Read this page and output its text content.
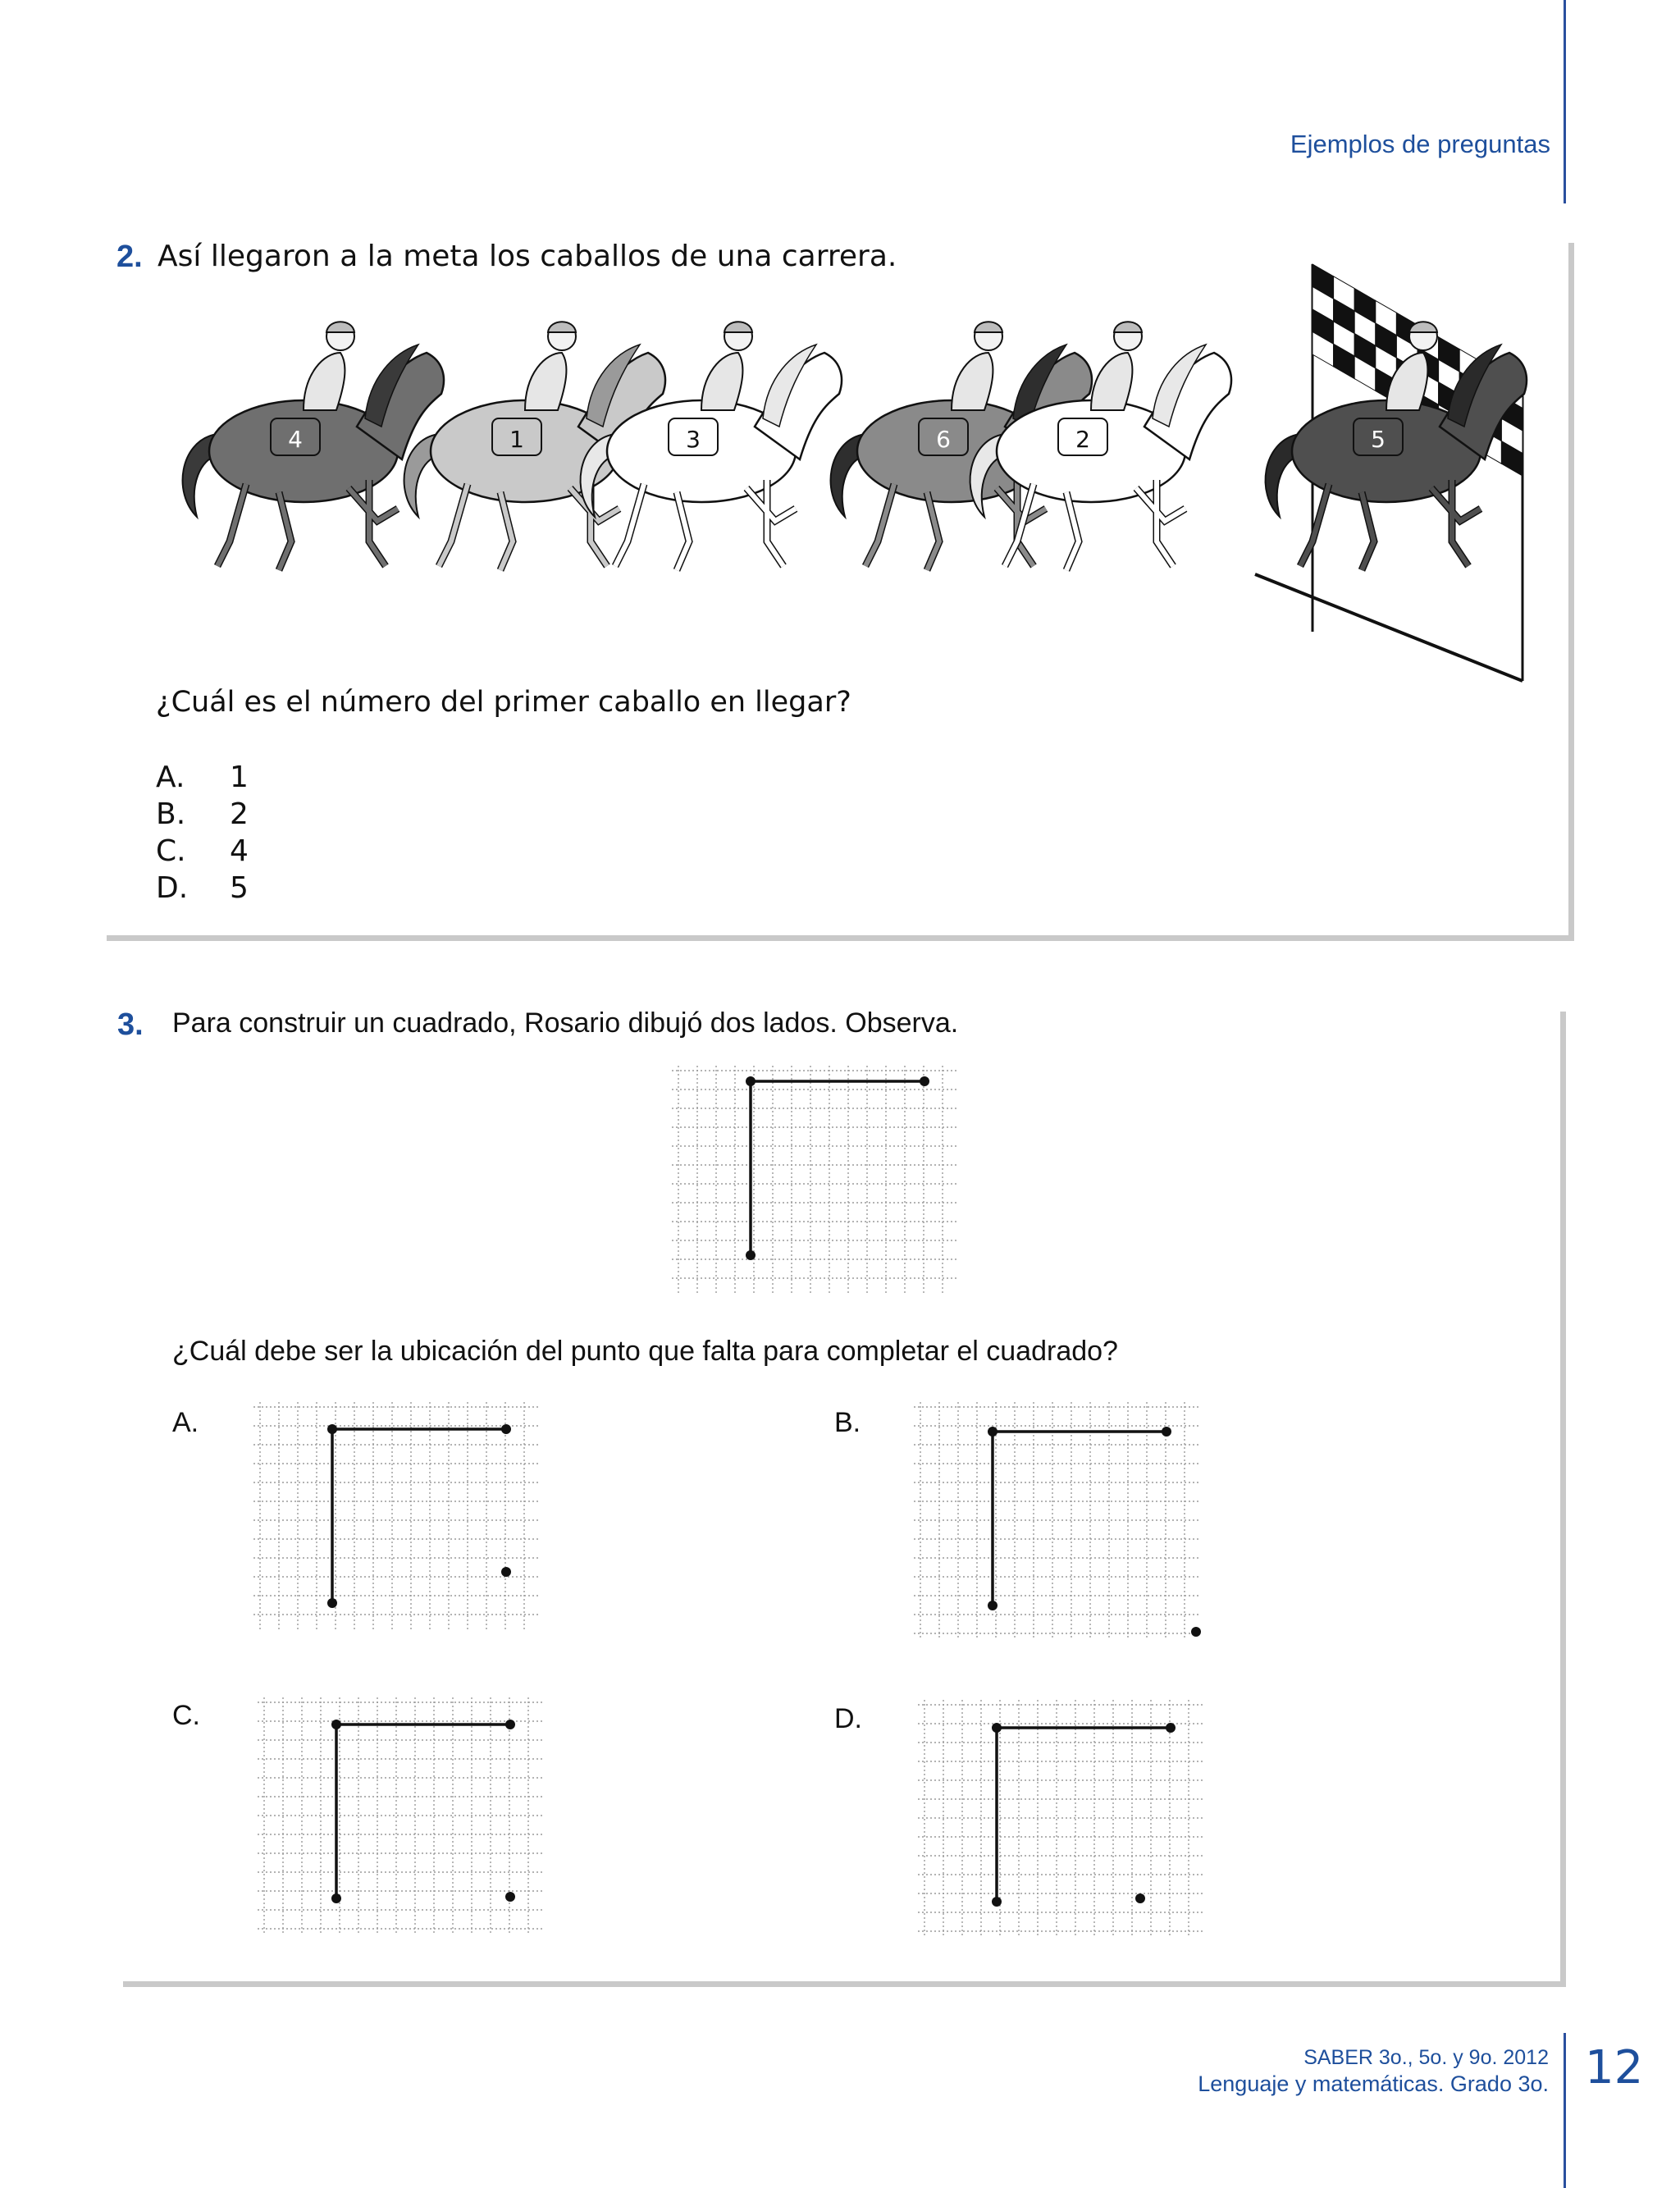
Ejemplos de preguntas
2. Así llegaron a la meta los caballos de una carrera.
4	1	3	6	2	5
¿Cuál es el número del primer caballo en llegar?
A.	1
B.	2
C.	4
D.	5
3. Para construir un cuadrado, Rosario dibujó dos lados. Observa.
¿Cuál debe ser la ubicación del punto que falta para completar el cuadrado?
A.	B.
C.	D.
SABER 3o., 5o. y 9o. 2012
Lenguaje y matemáticas. Grado 3o. 12
